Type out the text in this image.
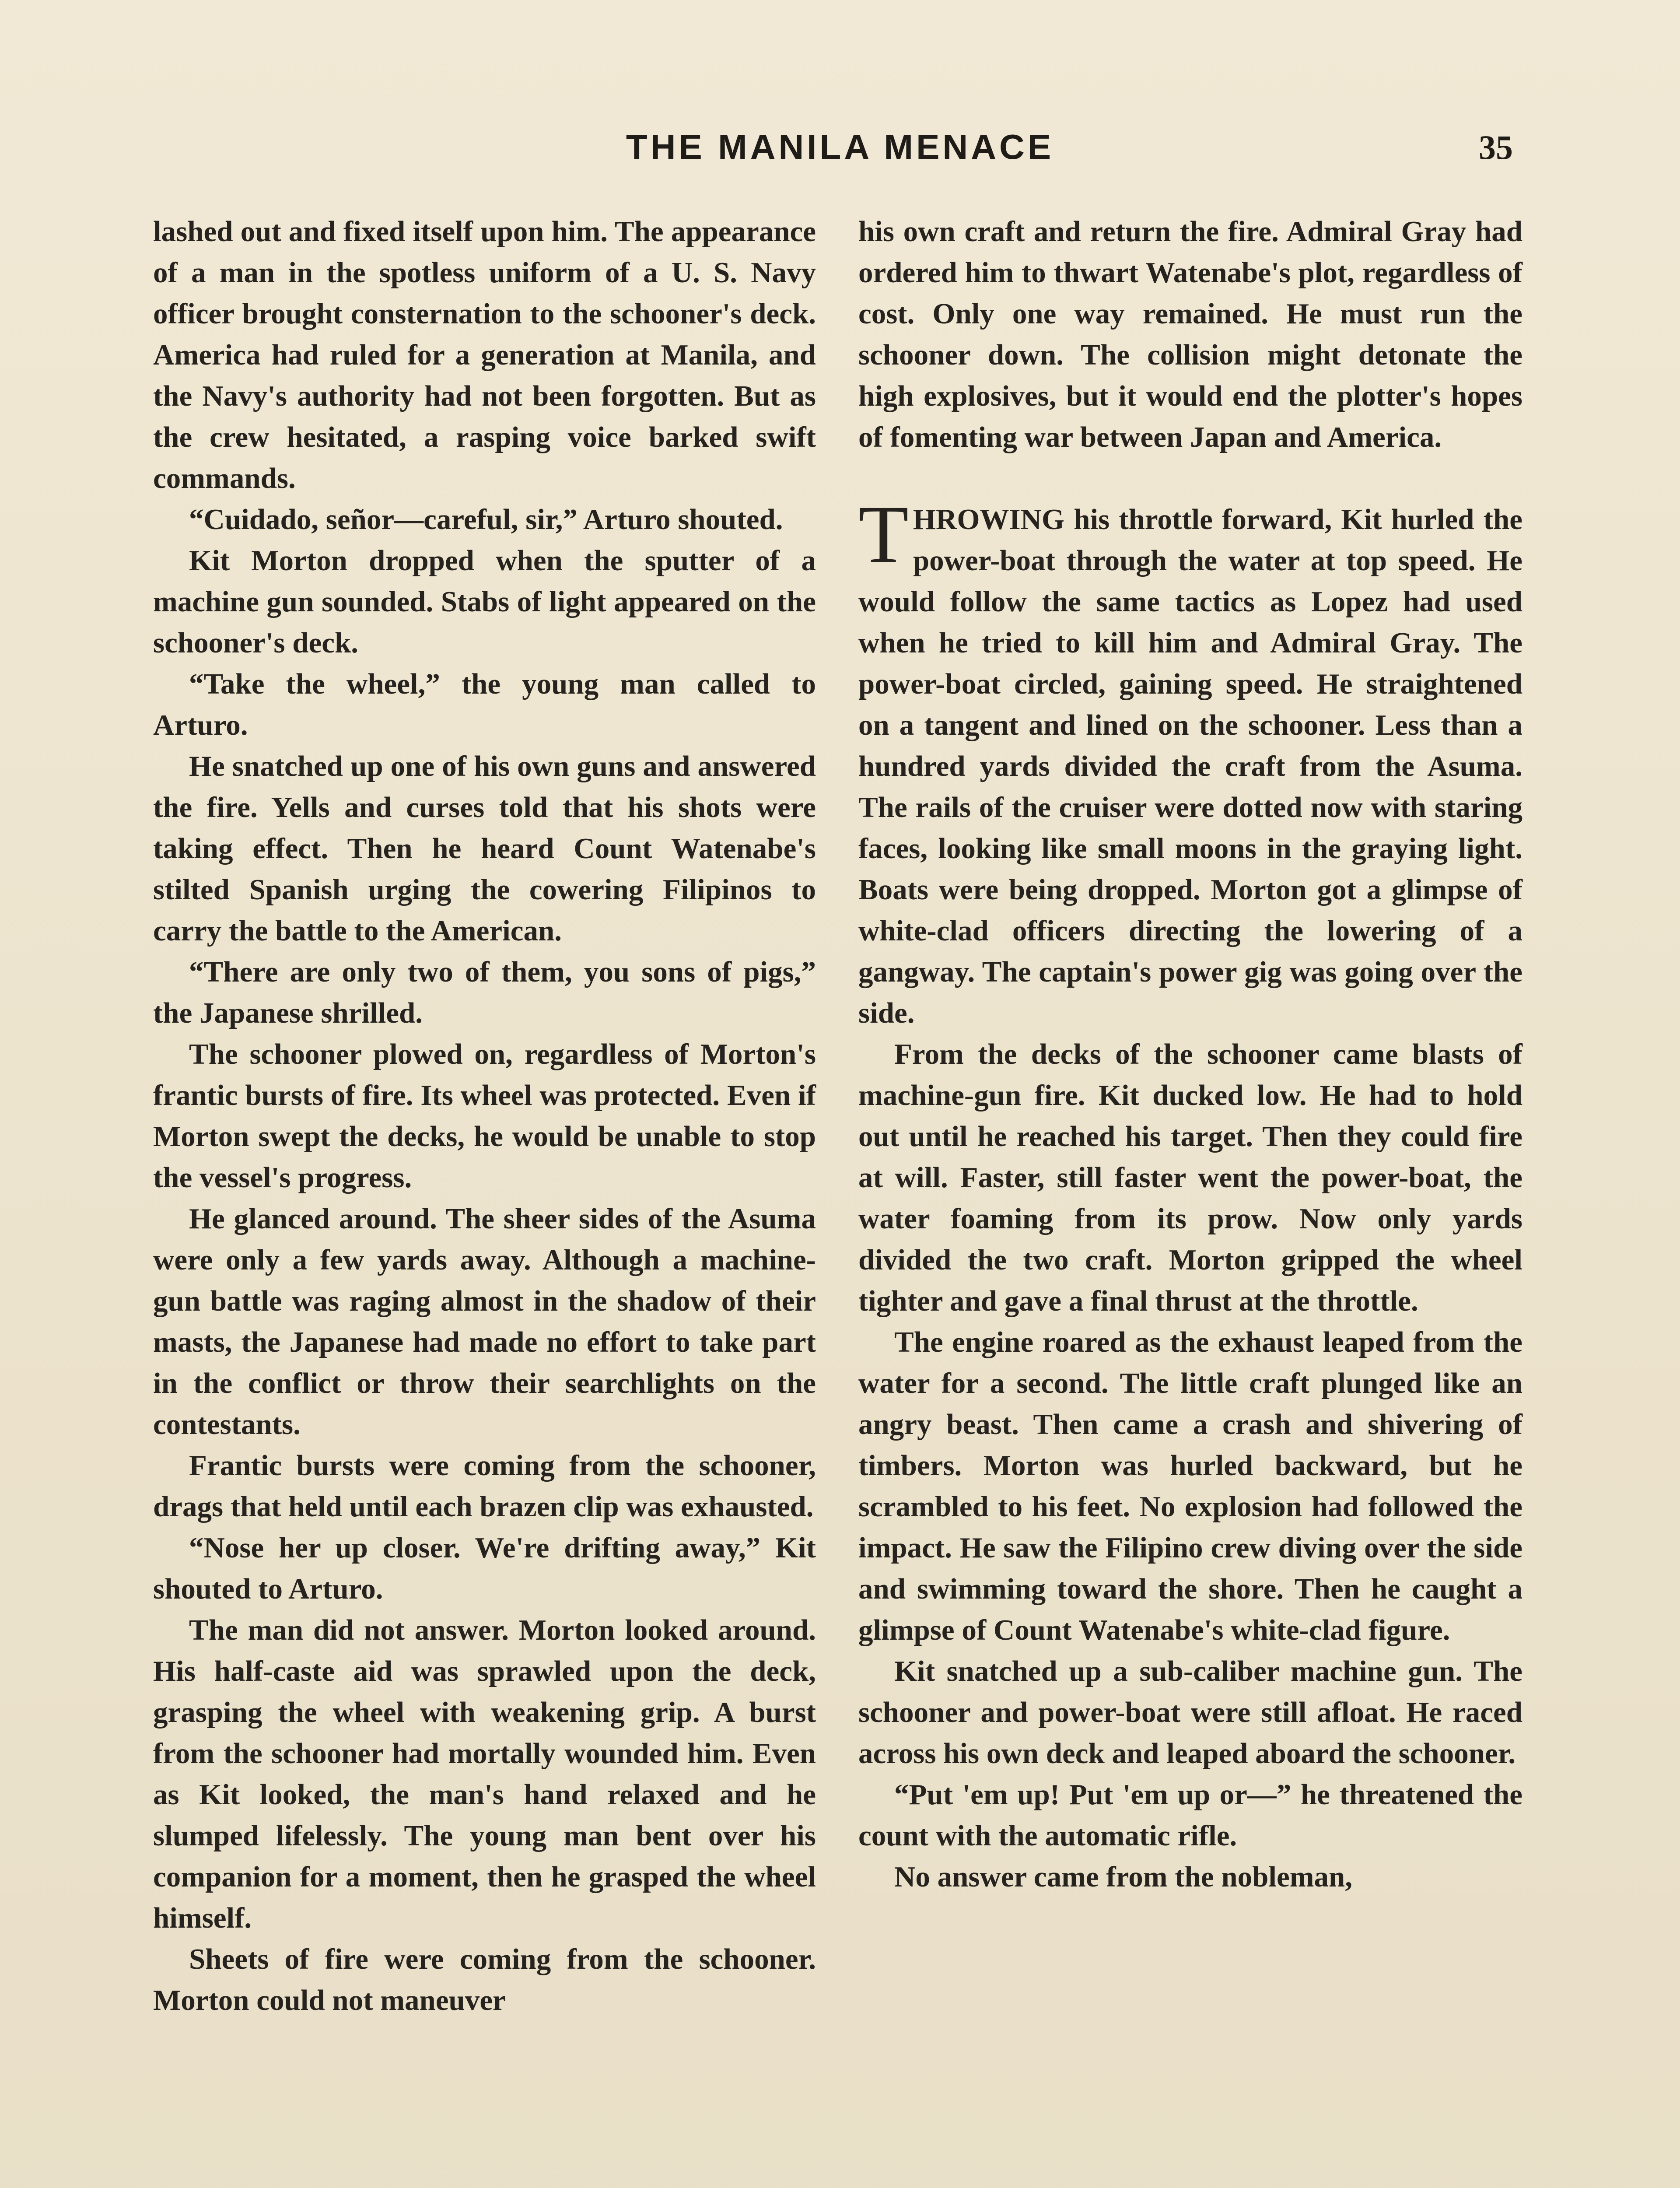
THE MANILA MENACE	35

lashed out and fixed itself upon him. The appearance of a man in the spotless uniform of a U. S. Navy officer brought consternation to the schooner's deck. America had ruled for a generation at Manila, and the Navy's authority had not been forgotten. But as the crew hesitated, a rasping voice barked swift commands.

“Cuidado, señor—careful, sir,” Arturo shouted.

Kit Morton dropped when the sputter of a machine gun sounded. Stabs of light appeared on the schooner's deck.

“Take the wheel,” the young man called to Arturo.

He snatched up one of his own guns and answered the fire. Yells and curses told that his shots were taking effect. Then he heard Count Watenabe's stilted Spanish urging the cowering Filipinos to carry the battle to the American.

“There are only two of them, you sons of pigs,” the Japanese shrilled.

The schooner plowed on, regardless of Morton's frantic bursts of fire. Its wheel was protected. Even if Morton swept the decks, he would be unable to stop the vessel's progress.

He glanced around. The sheer sides of the Asuma were only a few yards away. Although a machine-gun battle was raging almost in the shadow of their masts, the Japanese had made no effort to take part in the conflict or throw their searchlights on the contestants.

Frantic bursts were coming from the schooner, drags that held until each brazen clip was exhausted.

“Nose her up closer. We're drifting away,” Kit shouted to Arturo.

The man did not answer. Morton looked around. His half-caste aid was sprawled upon the deck, grasping the wheel with weakening grip. A burst from the schooner had mortally wounded him. Even as Kit looked, the man's hand relaxed and he slumped lifelessly. The young man bent over his companion for a moment, then he grasped the wheel himself.

Sheets of fire were coming from the schooner. Morton could not maneuver

his own craft and return the fire. Admiral Gray had ordered him to thwart Watenabe's plot, regardless of cost. Only one way remained. He must run the schooner down. The collision might detonate the high explosives, but it would end the plotter's hopes of fomenting war between Japan and America.

THROWING his throttle forward, Kit hurled the power-boat through the water at top speed. He would follow the same tactics as Lopez had used when he tried to kill him and Admiral Gray. The power-boat circled, gaining speed. He straightened on a tangent and lined on the schooner. Less than a hundred yards divided the craft from the Asuma. The rails of the cruiser were dotted now with staring faces, looking like small moons in the graying light. Boats were being dropped. Morton got a glimpse of white-clad officers directing the lowering of a gangway. The captain's power gig was going over the side.

From the decks of the schooner came blasts of machine-gun fire. Kit ducked low. He had to hold out until he reached his target. Then they could fire at will. Faster, still faster went the power-boat, the water foaming from its prow. Now only yards divided the two craft. Morton gripped the wheel tighter and gave a final thrust at the throttle.

The engine roared as the exhaust leaped from the water for a second. The little craft plunged like an angry beast. Then came a crash and shivering of timbers. Morton was hurled backward, but he scrambled to his feet. No explosion had followed the impact. He saw the Filipino crew diving over the side and swimming toward the shore. Then he caught a glimpse of Count Watenabe's white-clad figure.

Kit snatched up a sub-caliber machine gun. The schooner and power-boat were still afloat. He raced across his own deck and leaped aboard the schooner.

“Put 'em up! Put 'em up or—” he threatened the count with the automatic rifle.

No answer came from the nobleman,
